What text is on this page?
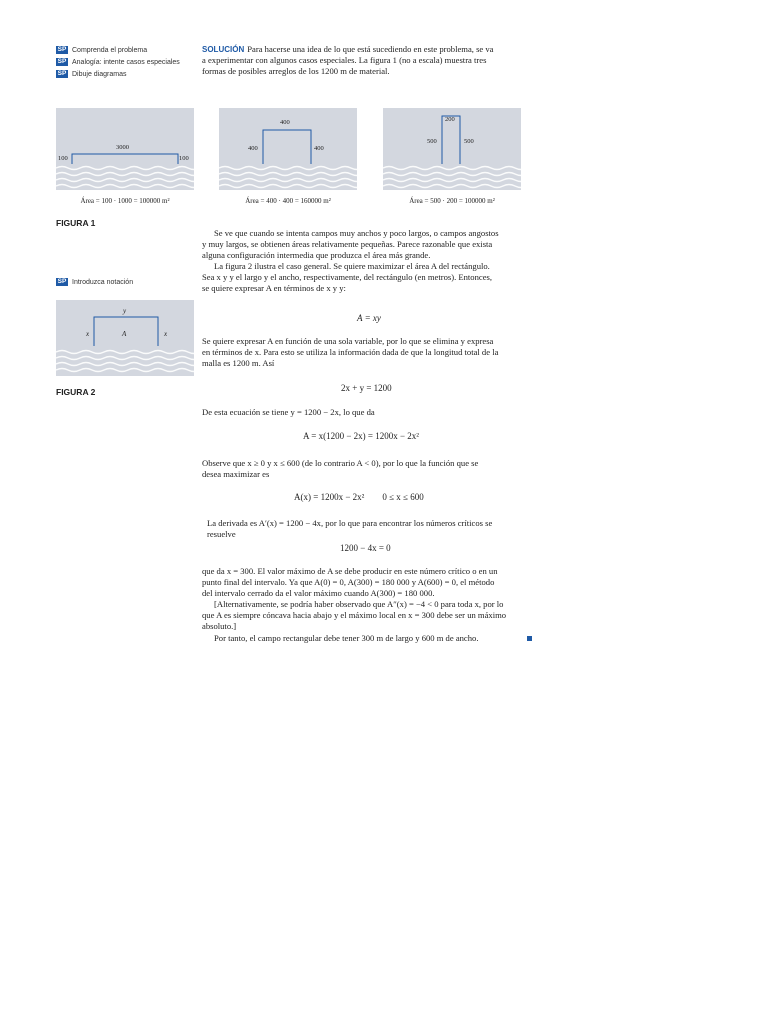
SP Comprenda el problema
SP Analogía: intente casos especiales
SP Dibuje diagramas
SOLUCIÓN Para hacerse una idea de lo que está sucediendo en este problema, se va
a experimentar con algunos casos especiales. La figura 1 (no a escala) muestra tres
formas de posibles arreglos de los 1200 m de material.
3000
100	100
Área = 100 · 1000 = 100000 m²
400
400	400
Área = 400 · 400 = 160000 m²
200
500	500
Área = 500 · 200 = 100000 m²
FIGURA 1
Se ve que cuando se intenta campos muy anchos y poco largos, o campos angostos
y muy largos, se obtienen áreas relativamente pequeñas. Parece razonable que exista
alguna configuración intermedia que produzca el área más grande.
La figura 2 ilustra el caso general. Se quiere maximizar el área A del rectángulo.
Sea x y y el largo y el ancho, respectivamente, del rectángulo (en metros). Entonces,
se quiere expresar A en términos de x y y:
SP Introduzca notación
y
x	x
A
FIGURA 2
A = xy
Se quiere expresar A en función de una sola variable, por lo que se elimina y expresa
en términos de x. Para esto se utiliza la información dada de que la longitud total de la
malla es 1200 m. Así
2x + y = 1200
De esta ecuación se tiene y = 1200 − 2x, lo que da
A = x(1200 − 2x) = 1200x − 2x²
Observe que x ≥ 0 y x ≤ 600 (de lo contrario A < 0), por lo que la función que se
desea maximizar es
A(x) = 1200x − 2x²        0 ≤ x ≤ 600
La derivada es A′(x) = 1200 − 4x, por lo que para encontrar los números críticos se
resuelve
1200 − 4x = 0
que da x = 300. El valor máximo de A se debe producir en este número crítico o en un
punto final del intervalo. Ya que A(0) = 0, A(300) = 180 000 y A(600) = 0, el método
del intervalo cerrado da el valor máximo cuando A(300) = 180 000.
[Alternativamente, se podría haber observado que A″(x) = −4 < 0 para toda x, por lo
que A es siempre cóncava hacia abajo y el máximo local en x = 300 debe ser un máximo
absoluto.]
Por tanto, el campo rectangular debe tener 300 m de largo y 600 m de ancho.
